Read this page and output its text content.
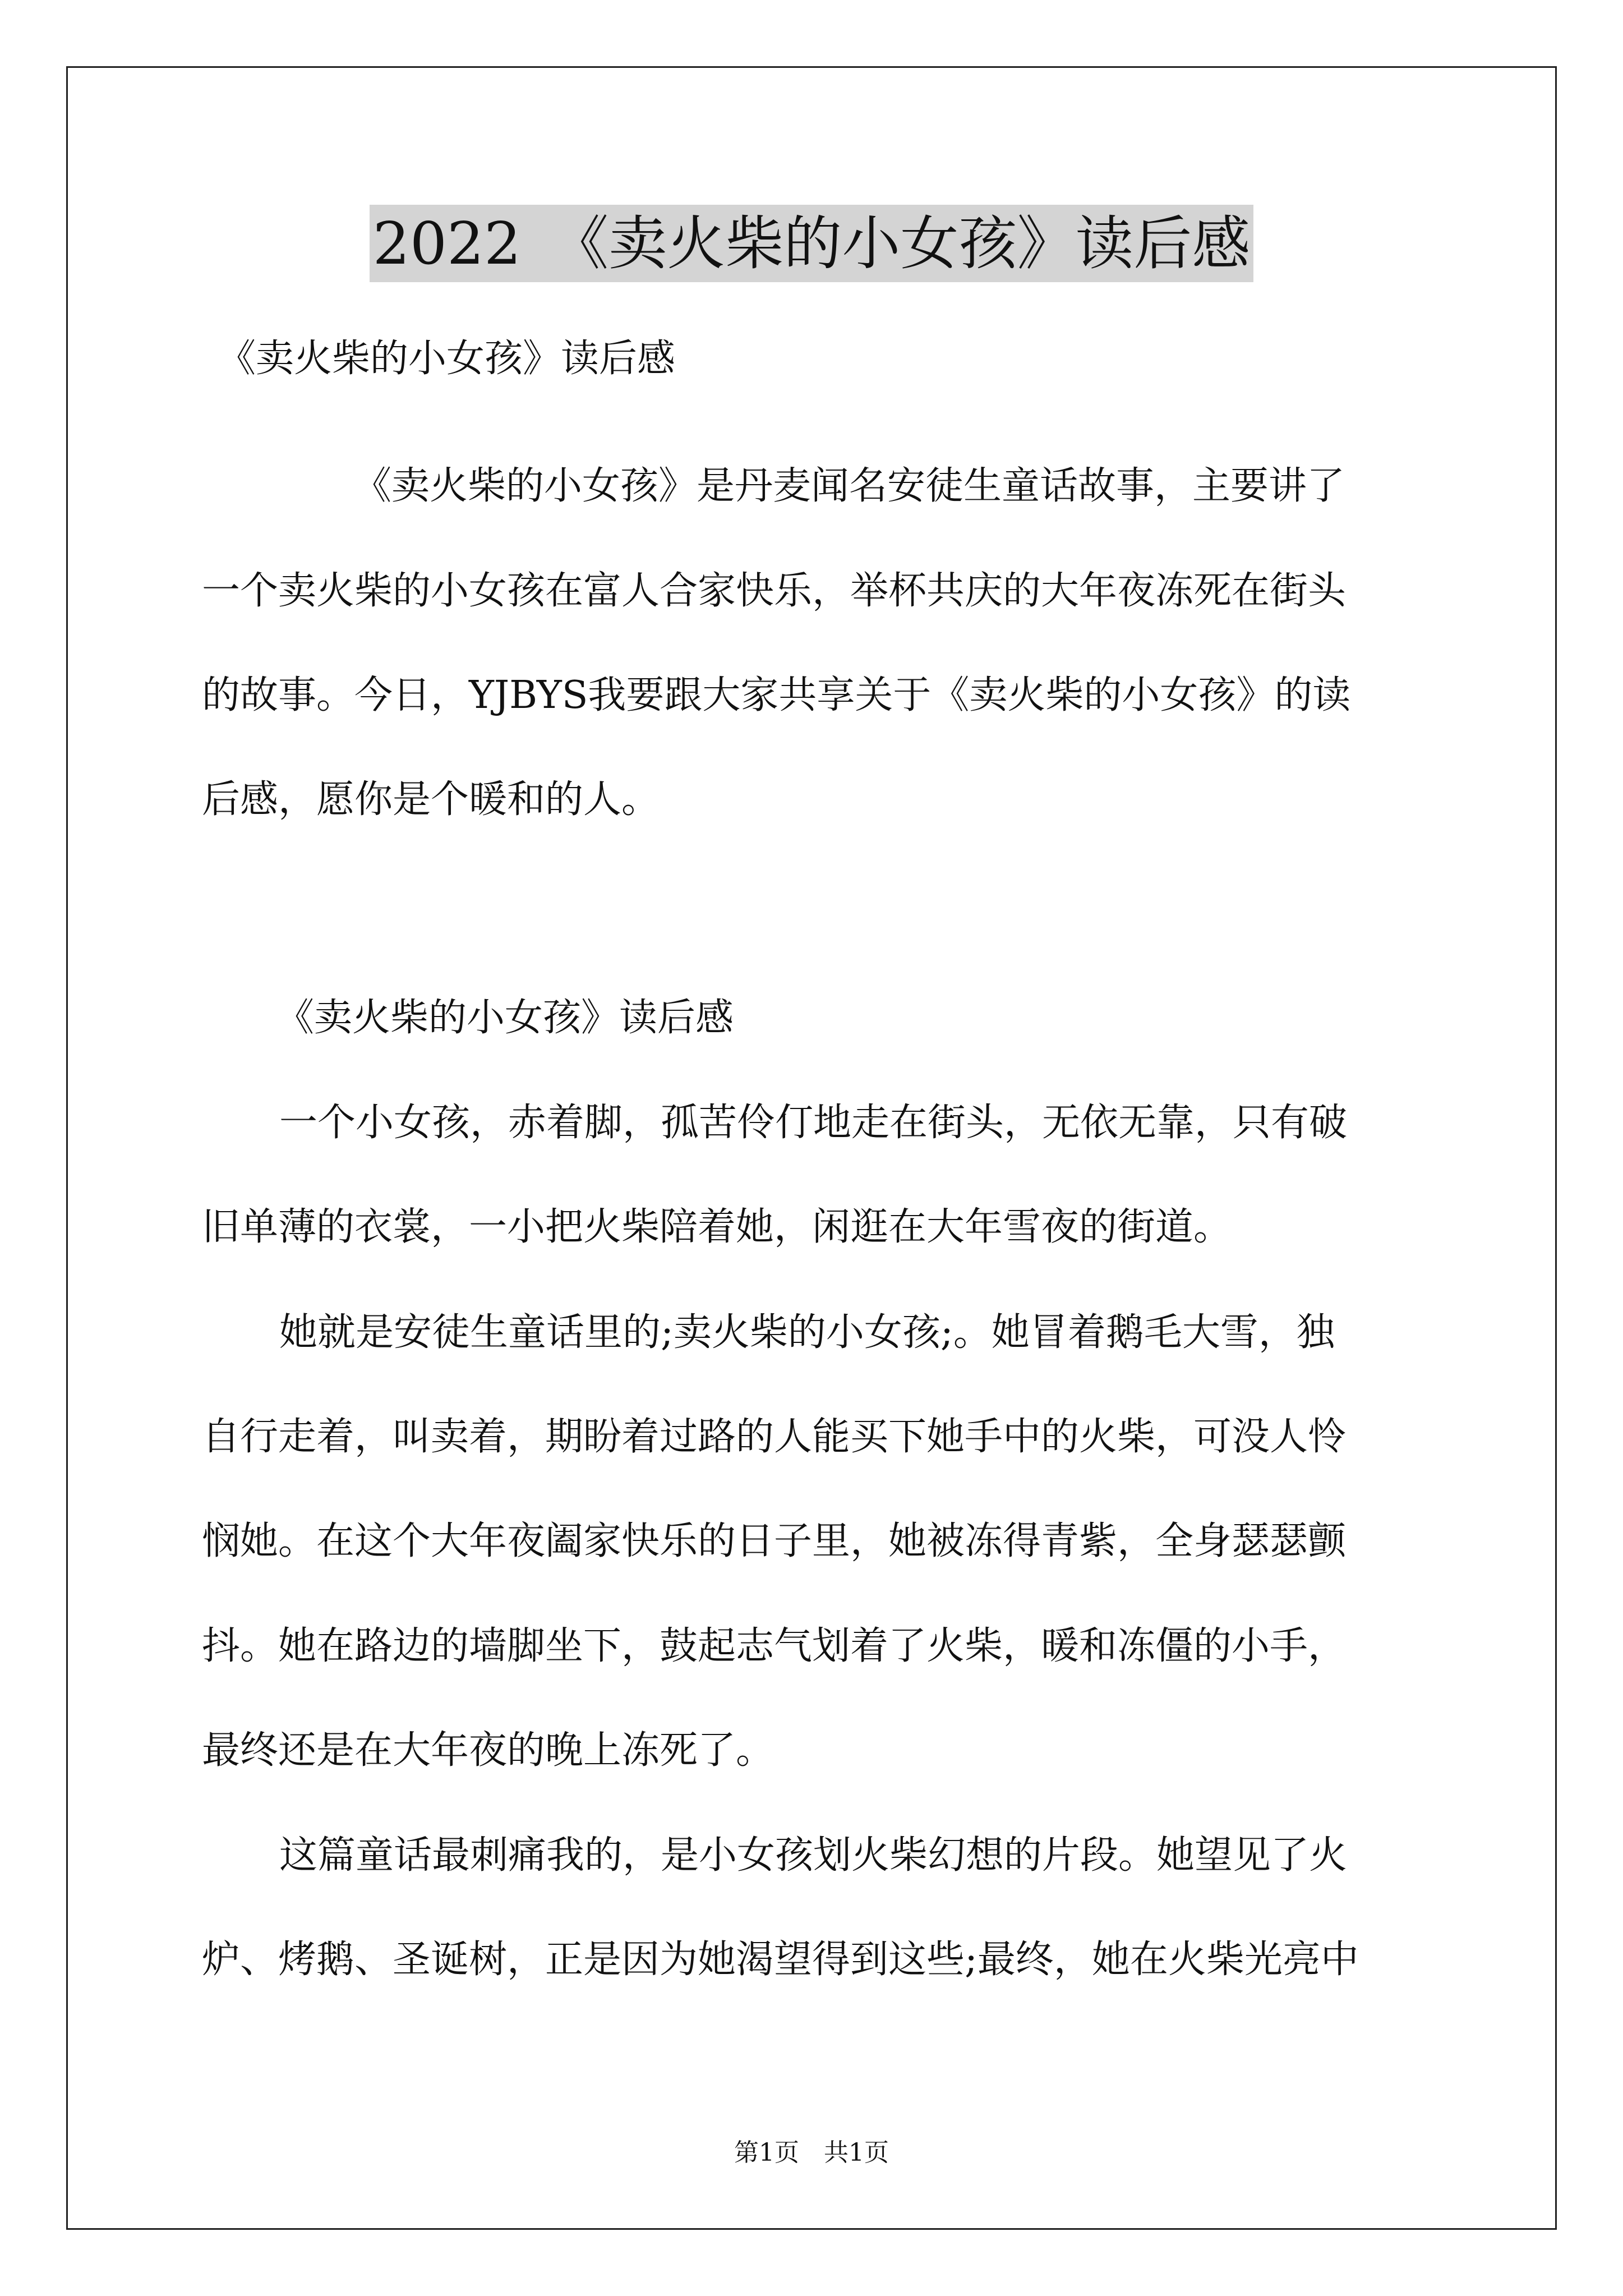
2022　《卖火柴的小女孩》读后感
《卖火柴的小女孩》读后感
《卖火柴的小女孩》是丹麦闻名安徒生童话故事，主要讲了
一个卖火柴的小女孩在富人合家快乐，举杯共庆的大年夜冻死在街头
的故事。今日，YJBYS我要跟大家共享关于《卖火柴的小女孩》的读
后感，愿你是个暖和的人。
《卖火柴的小女孩》读后感
一个小女孩，赤着脚，孤苦伶仃地走在街头，无依无靠，只有破
旧单薄的衣裳，一小把火柴陪着她，闲逛在大年雪夜的街道。
她就是安徒生童话里的;卖火柴的小女孩;。她冒着鹅毛大雪，独
自行走着，叫卖着，期盼着过路的人能买下她手中的火柴，可没人怜
悯她。在这个大年夜阖家快乐的日子里，她被冻得青紫，全身瑟瑟颤
抖。她在路边的墙脚坐下，鼓起志气划着了火柴，暖和冻僵的小手，
最终还是在大年夜的晚上冻死了。
这篇童话最刺痛我的，是小女孩划火柴幻想的片段。她望见了火
炉、烤鹅、圣诞树，正是因为她渴望得到这些;最终，她在火柴光亮中
第1页　共1页
